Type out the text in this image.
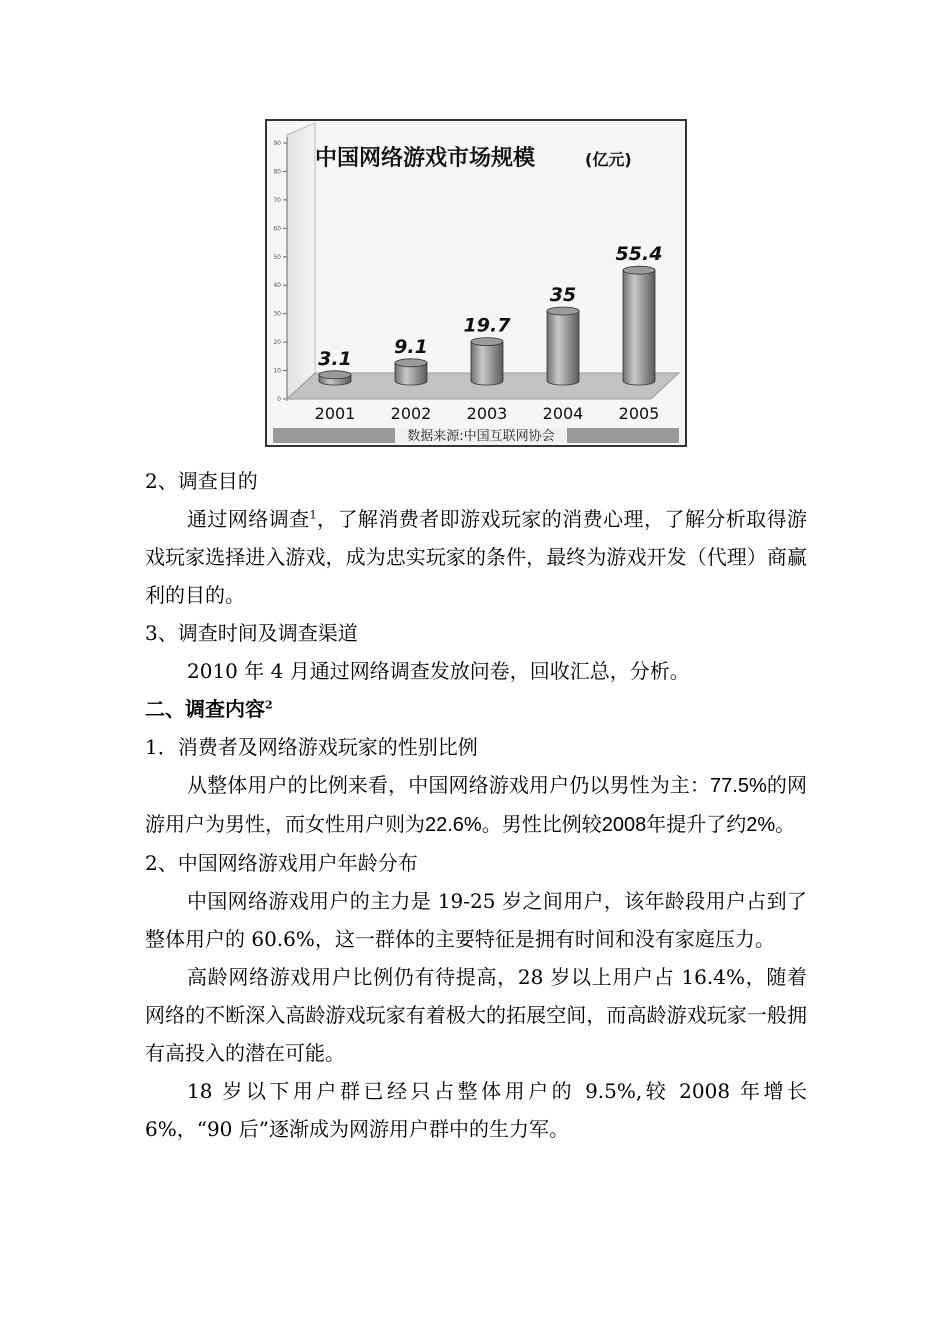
0
10
20
30
40
50
60
70
80
90
中国网络游戏市场规模	(亿元)
3.1
2001
9.1
2002
19.7
2003
35
2004
55.4
2005
数据来源:中国互联网协会
2、调查目的
通过网络调查$^1$，了解消费者即游戏玩家的消费心理，了解分析取得游戏玩家选择进入游戏，成为忠实玩家的条件，最终为游戏开发（代理）商赢利的目的。
3、调查时间及调查渠道
2010 年 4 月通过网络调查发放问卷，回收汇总，分析。
二、调查内容$^2$
1．消费者及网络游戏玩家的性别比例
从整体用户的比例来看，中国网络游戏用户仍以男性为主：77.5%的网游用户为男性，而女性用户则为22.6%。男性比例较2008年提升了约2%。
2、中国网络游戏用户年龄分布
中国网络游戏用户的主力是 19-25 岁之间用户，该年龄段用户占到了整体用户的 60.6%，这一群体的主要特征是拥有时间和没有家庭压力。
高龄网络游戏用户比例仍有待提高，28 岁以上用户占 16.4%，随着网络的不断深入高龄游戏玩家有着极大的拓展空间，而高龄游戏玩家一般拥有高投入的潜在可能。
18 岁以下用户群已经只占整体用户的 9.5%,较 2008 年增长 6%，“90 后”逐渐成为网游用户群中的生力军。
